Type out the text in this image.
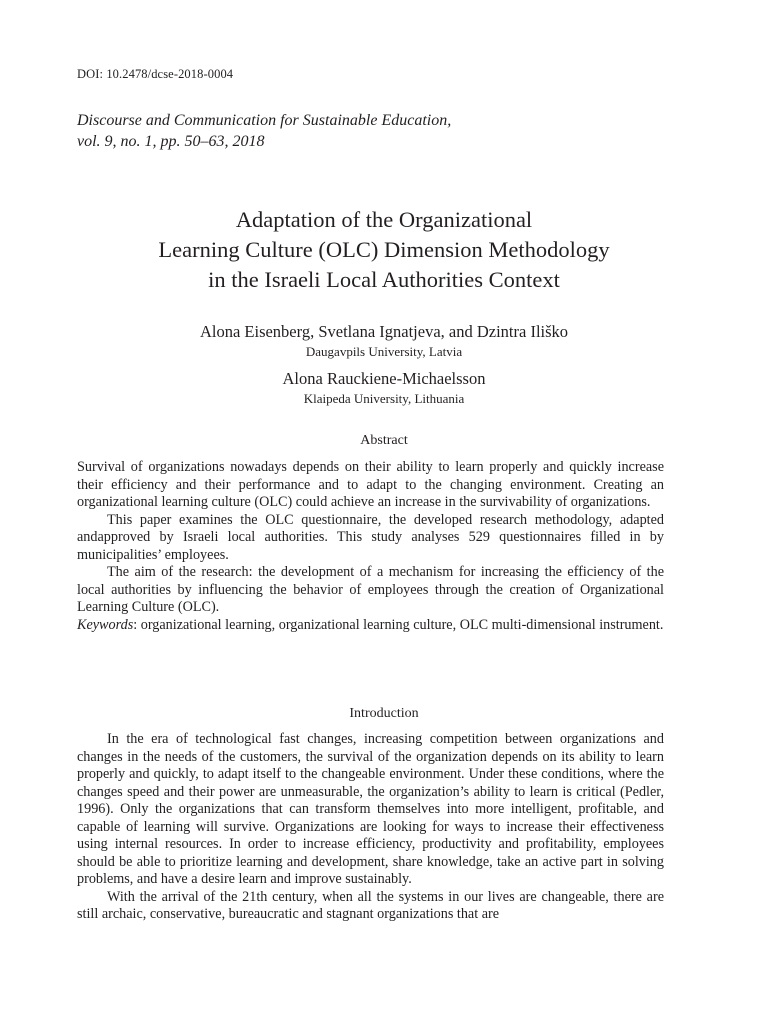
DOI: 10.2478/dcse-2018-0004
Discourse and Communication for Sustainable Education,
vol. 9, no. 1, pp. 50–63, 2018
Adaptation of the Organizational
Learning Culture (OLC) Dimension Methodology
in the Israeli Local Authorities Context
Alona Eisenberg, Svetlana Ignatjeva, and Dzintra Iliško
Daugavpils University, Latvia
Alona Rauckiene-Michaelsson
Klaipeda University, Lithuania
Abstract

Survival of organizations nowadays depends on their ability to learn properly and quickly increase their efficiency and their performance and to adapt to the changing environment. Creating an organizational learning culture (OLC) could achieve an increase in the survivability of organizations.

This paper examines the OLC questionnaire, the developed research methodology, adapted andapproved by Israeli local authorities. This study analyses 529 questionnaires filled in by municipalities’ employees.

The aim of the research: the development of a mechanism for increasing the efficiency of the local authorities by influencing the behavior of employees through the creation of Organizational Learning Culture (OLC).

Keywords: organizational learning, organizational learning culture, OLC multi-dimensional instrument.

Introduction

In the era of technological fast changes, increasing competition between organizations and changes in the needs of the customers, the survival of the organization depends on its ability to learn properly and quickly, to adapt itself to the changeable environment. Under these conditions, where the changes speed and their power are unmeasurable, the organization’s ability to learn is critical (Pedler, 1996). Only the organizations that can transform themselves into more intelligent, profitable, and capable of learning will survive. Organizations are looking for ways to increase their effectiveness using internal resources. In order to increase efficiency, productivity and profitability, employees should be able to prioritize learning and development, share knowledge, take an active part in solving problems, and have a desire learn and improve sustainably.

With the arrival of the 21th century, when all the systems in our lives are changeable, there are still archaic, conservative, bureaucratic and stagnant organizations that are
